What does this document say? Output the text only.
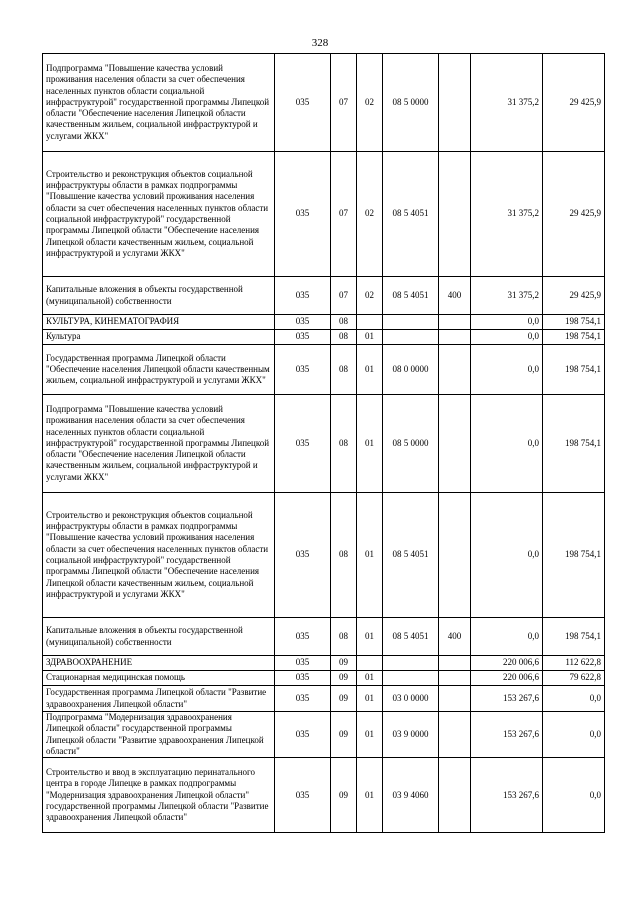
328
Подпрограмма "Повышение качества условий проживания населения области за счет обеспечения населенных пунктов области социальной инфраструктурой" государственной программы Липецкой области "Обеспечение населения Липецкой области качественным жильем, социальной инфраструктурой и услугами ЖКХ"	035	07	02	08 5 0000		31 375,2	29 425,9
Строительство и реконструкция объектов социальной инфраструктуры области в рамках подпрограммы "Повышение качества условий проживания населения области за счет обеспечения населенных пунктов области социальной инфраструктурой" государственной программы Липецкой области "Обеспечение населения Липецкой области качественным жильем, социальной инфраструктурой и услугами ЖКХ"	035	07	02	08 5 4051		31 375,2	29 425,9
Капитальные вложения в объекты государственной (муниципальной) собственности	035	07	02	08 5 4051	400	31 375,2	29 425,9
КУЛЬТУРА, КИНЕМАТОГРАФИЯ	035	08				0,0	198 754,1
Культура	035	08	01			0,0	198 754,1
Государственная программа Липецкой области "Обеспечение населения Липецкой области качественным жильем, социальной инфраструктурой и услугами ЖКХ"	035	08	01	08 0 0000		0,0	198 754,1
Подпрограмма "Повышение качества условий проживания населения области за счет обеспечения населенных пунктов области социальной инфраструктурой" государственной программы Липецкой области "Обеспечение населения Липецкой области качественным жильем, социальной инфраструктурой и услугами ЖКХ"	035	08	01	08 5 0000		0,0	198 754,1
Строительство и реконструкция объектов социальной инфраструктуры области в рамках подпрограммы "Повышение качества условий проживания населения области за счет обеспечения населенных пунктов области социальной инфраструктурой" государственной программы Липецкой области "Обеспечение населения Липецкой области качественным жильем, социальной инфраструктурой и услугами ЖКХ"	035	08	01	08 5 4051		0,0	198 754,1
Капитальные вложения в объекты государственной (муниципальной) собственности	035	08	01	08 5 4051	400	0,0	198 754,1
ЗДРАВООХРАНЕНИЕ	035	09				220 006,6	112 622,8
Стационарная медицинская помощь	035	09	01			220 006,6	79 622,8
Государственная программа Липецкой области "Развитие здравоохранения Липецкой области"	035	09	01	03 0 0000		153 267,6	0,0
Подпрограмма "Модернизация здравоохранения Липецкой области" государственной программы Липецкой области "Развитие здравоохранения Липецкой области"	035	09	01	03 9 0000		153 267,6	0,0
Строительство и ввод в эксплуатацию перинатального центра в городе Липецке в рамках подпрограммы "Модернизация здравоохранения Липецкой области" государственной программы Липецкой области "Развитие здравоохранения Липецкой области"	035	09	01	03 9 4060		153 267,6	0,0
